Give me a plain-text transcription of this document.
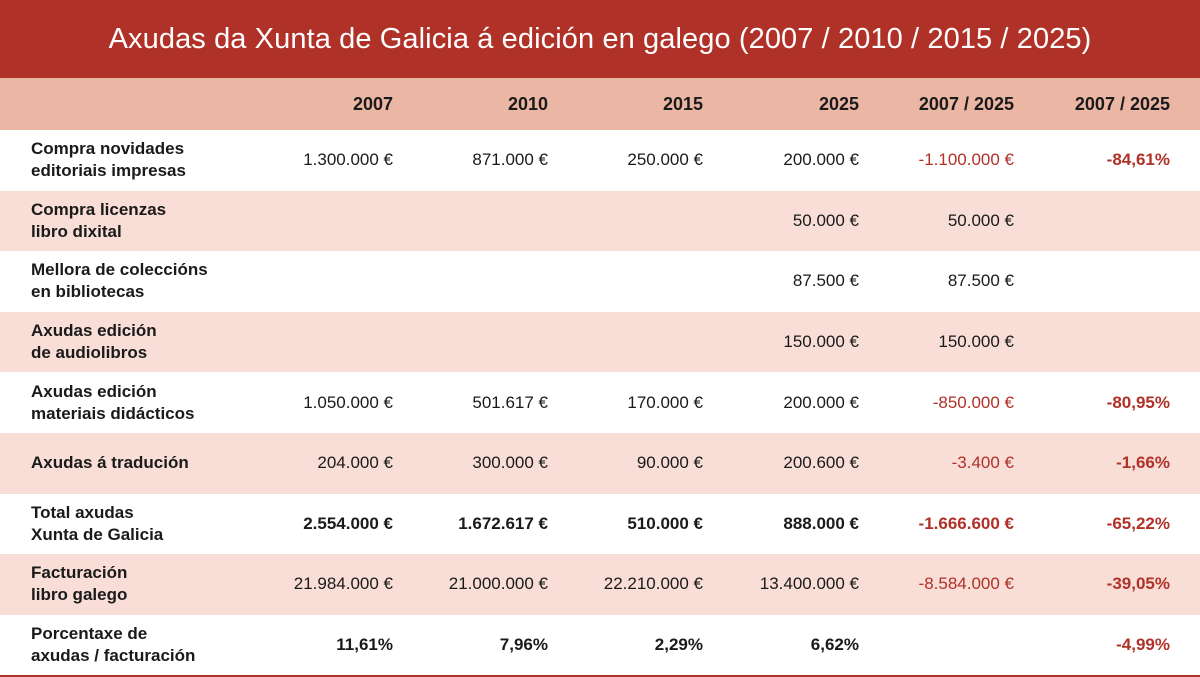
Axudas da Xunta de Galicia á edición en galego (2007 / 2010 / 2015 / 2025)
	2007	2010	2015	2025	2007 / 2025	2007 / 2025

Compra novidades
editoriais impresas	1.300.000 €	871.000 €	250.000 €	200.000 €	-1.100.000 €	-84,61%

Compra licenzas
libro dixital				50.000 €	50.000 €	

Mellora de coleccións
en bibliotecas				87.500 €	87.500 €	

Axudas edición
de audiolibros				150.000 €	150.000 €	

Axudas edición
materiais didácticos	1.050.000 €	501.617 €	170.000 €	200.000 €	-850.000 €	-80,95%

Axudas á tradución	204.000 €	300.000 €	90.000 €	200.600 €	-3.400 €	-1,66%

Total axudas
Xunta de Galicia	2.554.000 €	1.672.617 €	510.000 €	888.000 €	-1.666.600 €	-65,22%

Facturación
libro galego	21.984.000 €	21.000.000 €	22.210.000 €	13.400.000 €	-8.584.000 €	-39,05%

Porcentaxe de
axudas / facturación	11,61%	7,96%	2,29%	6,62%		-4,99%
